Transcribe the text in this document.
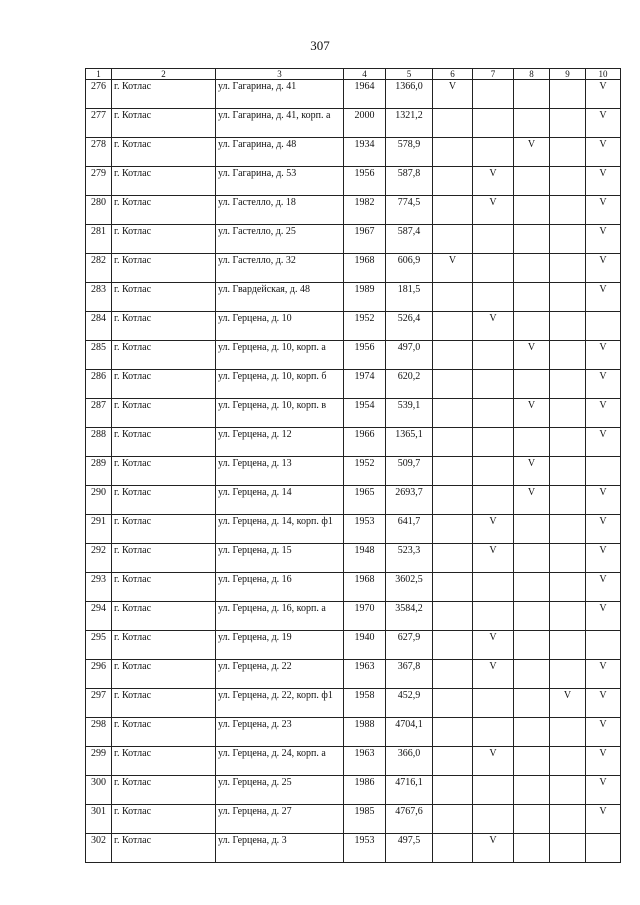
307
1	2	3	4	5	6	7	8	9	10
276	г. Котлас	ул. Гагарина, д. 41	1964	1366,0	V				V
277	г. Котлас	ул. Гагарина, д. 41, корп. а	2000	1321,2					V
278	г. Котлас	ул. Гагарина, д. 48	1934	578,9			V		V
279	г. Котлас	ул. Гагарина, д. 53	1956	587,8		V			V
280	г. Котлас	ул. Гастелло, д. 18	1982	774,5		V			V
281	г. Котлас	ул. Гастелло, д. 25	1967	587,4					V
282	г. Котлас	ул. Гастелло, д. 32	1968	606,9	V				V
283	г. Котлас	ул. Гвардейская, д. 48	1989	181,5					V
284	г. Котлас	ул. Герцена, д. 10	1952	526,4		V			
285	г. Котлас	ул. Герцена, д. 10, корп. а	1956	497,0			V		V
286	г. Котлас	ул. Герцена, д. 10, корп. б	1974	620,2					V
287	г. Котлас	ул. Герцена, д. 10, корп. в	1954	539,1			V		V
288	г. Котлас	ул. Герцена, д. 12	1966	1365,1					V
289	г. Котлас	ул. Герцена, д. 13	1952	509,7			V		
290	г. Котлас	ул. Герцена, д. 14	1965	2693,7			V		V
291	г. Котлас	ул. Герцена, д. 14, корп. ф1	1953	641,7		V			V
292	г. Котлас	ул. Герцена, д. 15	1948	523,3		V			V
293	г. Котлас	ул. Герцена, д. 16	1968	3602,5					V
294	г. Котлас	ул. Герцена, д. 16, корп. а	1970	3584,2					V
295	г. Котлас	ул. Герцена, д. 19	1940	627,9		V			
296	г. Котлас	ул. Герцена, д. 22	1963	367,8		V			V
297	г. Котлас	ул. Герцена, д. 22, корп. ф1	1958	452,9				V	V
298	г. Котлас	ул. Герцена, д. 23	1988	4704,1					V
299	г. Котлас	ул. Герцена, д. 24, корп. а	1963	366,0		V			V
300	г. Котлас	ул. Герцена, д. 25	1986	4716,1					V
301	г. Котлас	ул. Герцена, д. 27	1985	4767,6					V
302	г. Котлас	ул. Герцена, д. 3	1953	497,5		V			
